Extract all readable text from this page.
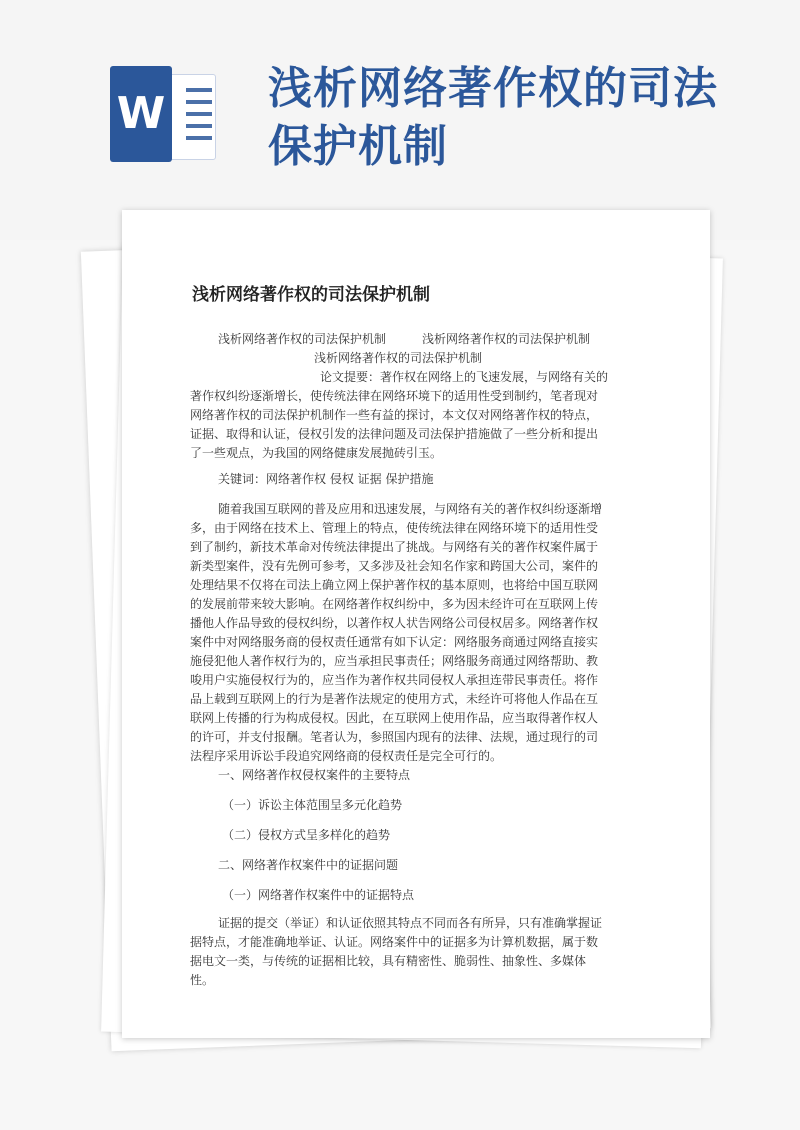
W 浅析网络著作权的司法
保护机制
浅析网络著作权的司法保护机制

浅析网络著作权的司法保护机制　　　浅析网络著作权的司法保护机制
浅析网络著作权的司法保护机制

论文提要：著作权在网络上的飞速发展，与网络有关的
著作权纠纷逐渐增长，使传统法律在网络环境下的适用性受到制约，笔者现对
网络著作权的司法保护机制作一些有益的探讨，本文仅对网络著作权的特点，
证据、取得和认证，侵权引发的法律问题及司法保护措施做了一些分析和提出
了一些观点，为我国的网络健康发展抛砖引玉。

关键词：网络著作权 侵权 证据 保护措施

随着我国互联网的普及应用和迅速发展，与网络有关的著作权纠纷逐渐增
多，由于网络在技术上、管理上的特点，使传统法律在网络环境下的适用性受
到了制约，新技术革命对传统法律提出了挑战。与网络有关的著作权案件属于
新类型案件，没有先例可参考，又多涉及社会知名作家和跨国大公司，案件的
处理结果不仅将在司法上确立网上保护著作权的基本原则，也将给中国互联网
的发展前带来较大影响。在网络著作权纠纷中，多为因未经许可在互联网上传
播他人作品导致的侵权纠纷，以著作权人状告网络公司侵权居多。网络著作权
案件中对网络服务商的侵权责任通常有如下认定：网络服务商通过网络直接实
施侵犯他人著作权行为的，应当承担民事责任；网络服务商通过网络帮助、教
唆用户实施侵权行为的，应当作为著作权共同侵权人承担连带民事责任。将作
品上载到互联网上的行为是著作法规定的使用方式，未经许可将他人作品在互
联网上传播的行为构成侵权。因此，在互联网上使用作品，应当取得著作权人
的许可，并支付报酬。笔者认为，参照国内现有的法律、法规，通过现行的司
法程序采用诉讼手段追究网络商的侵权责任是完全可行的。

一、网络著作权侵权案件的主要特点

（一）诉讼主体范围呈多元化趋势

（二）侵权方式呈多样化的趋势

二、网络著作权案件中的证据问题

（一）网络著作权案件中的证据特点

证据的提交（举证）和认证依照其特点不同而各有所异，只有准确掌握证
据特点，才能准确地举证、认证。网络案件中的证据多为计算机数据，属于数
据电文一类，与传统的证据相比较，具有精密性、脆弱性、抽象性、多媒体
性。
